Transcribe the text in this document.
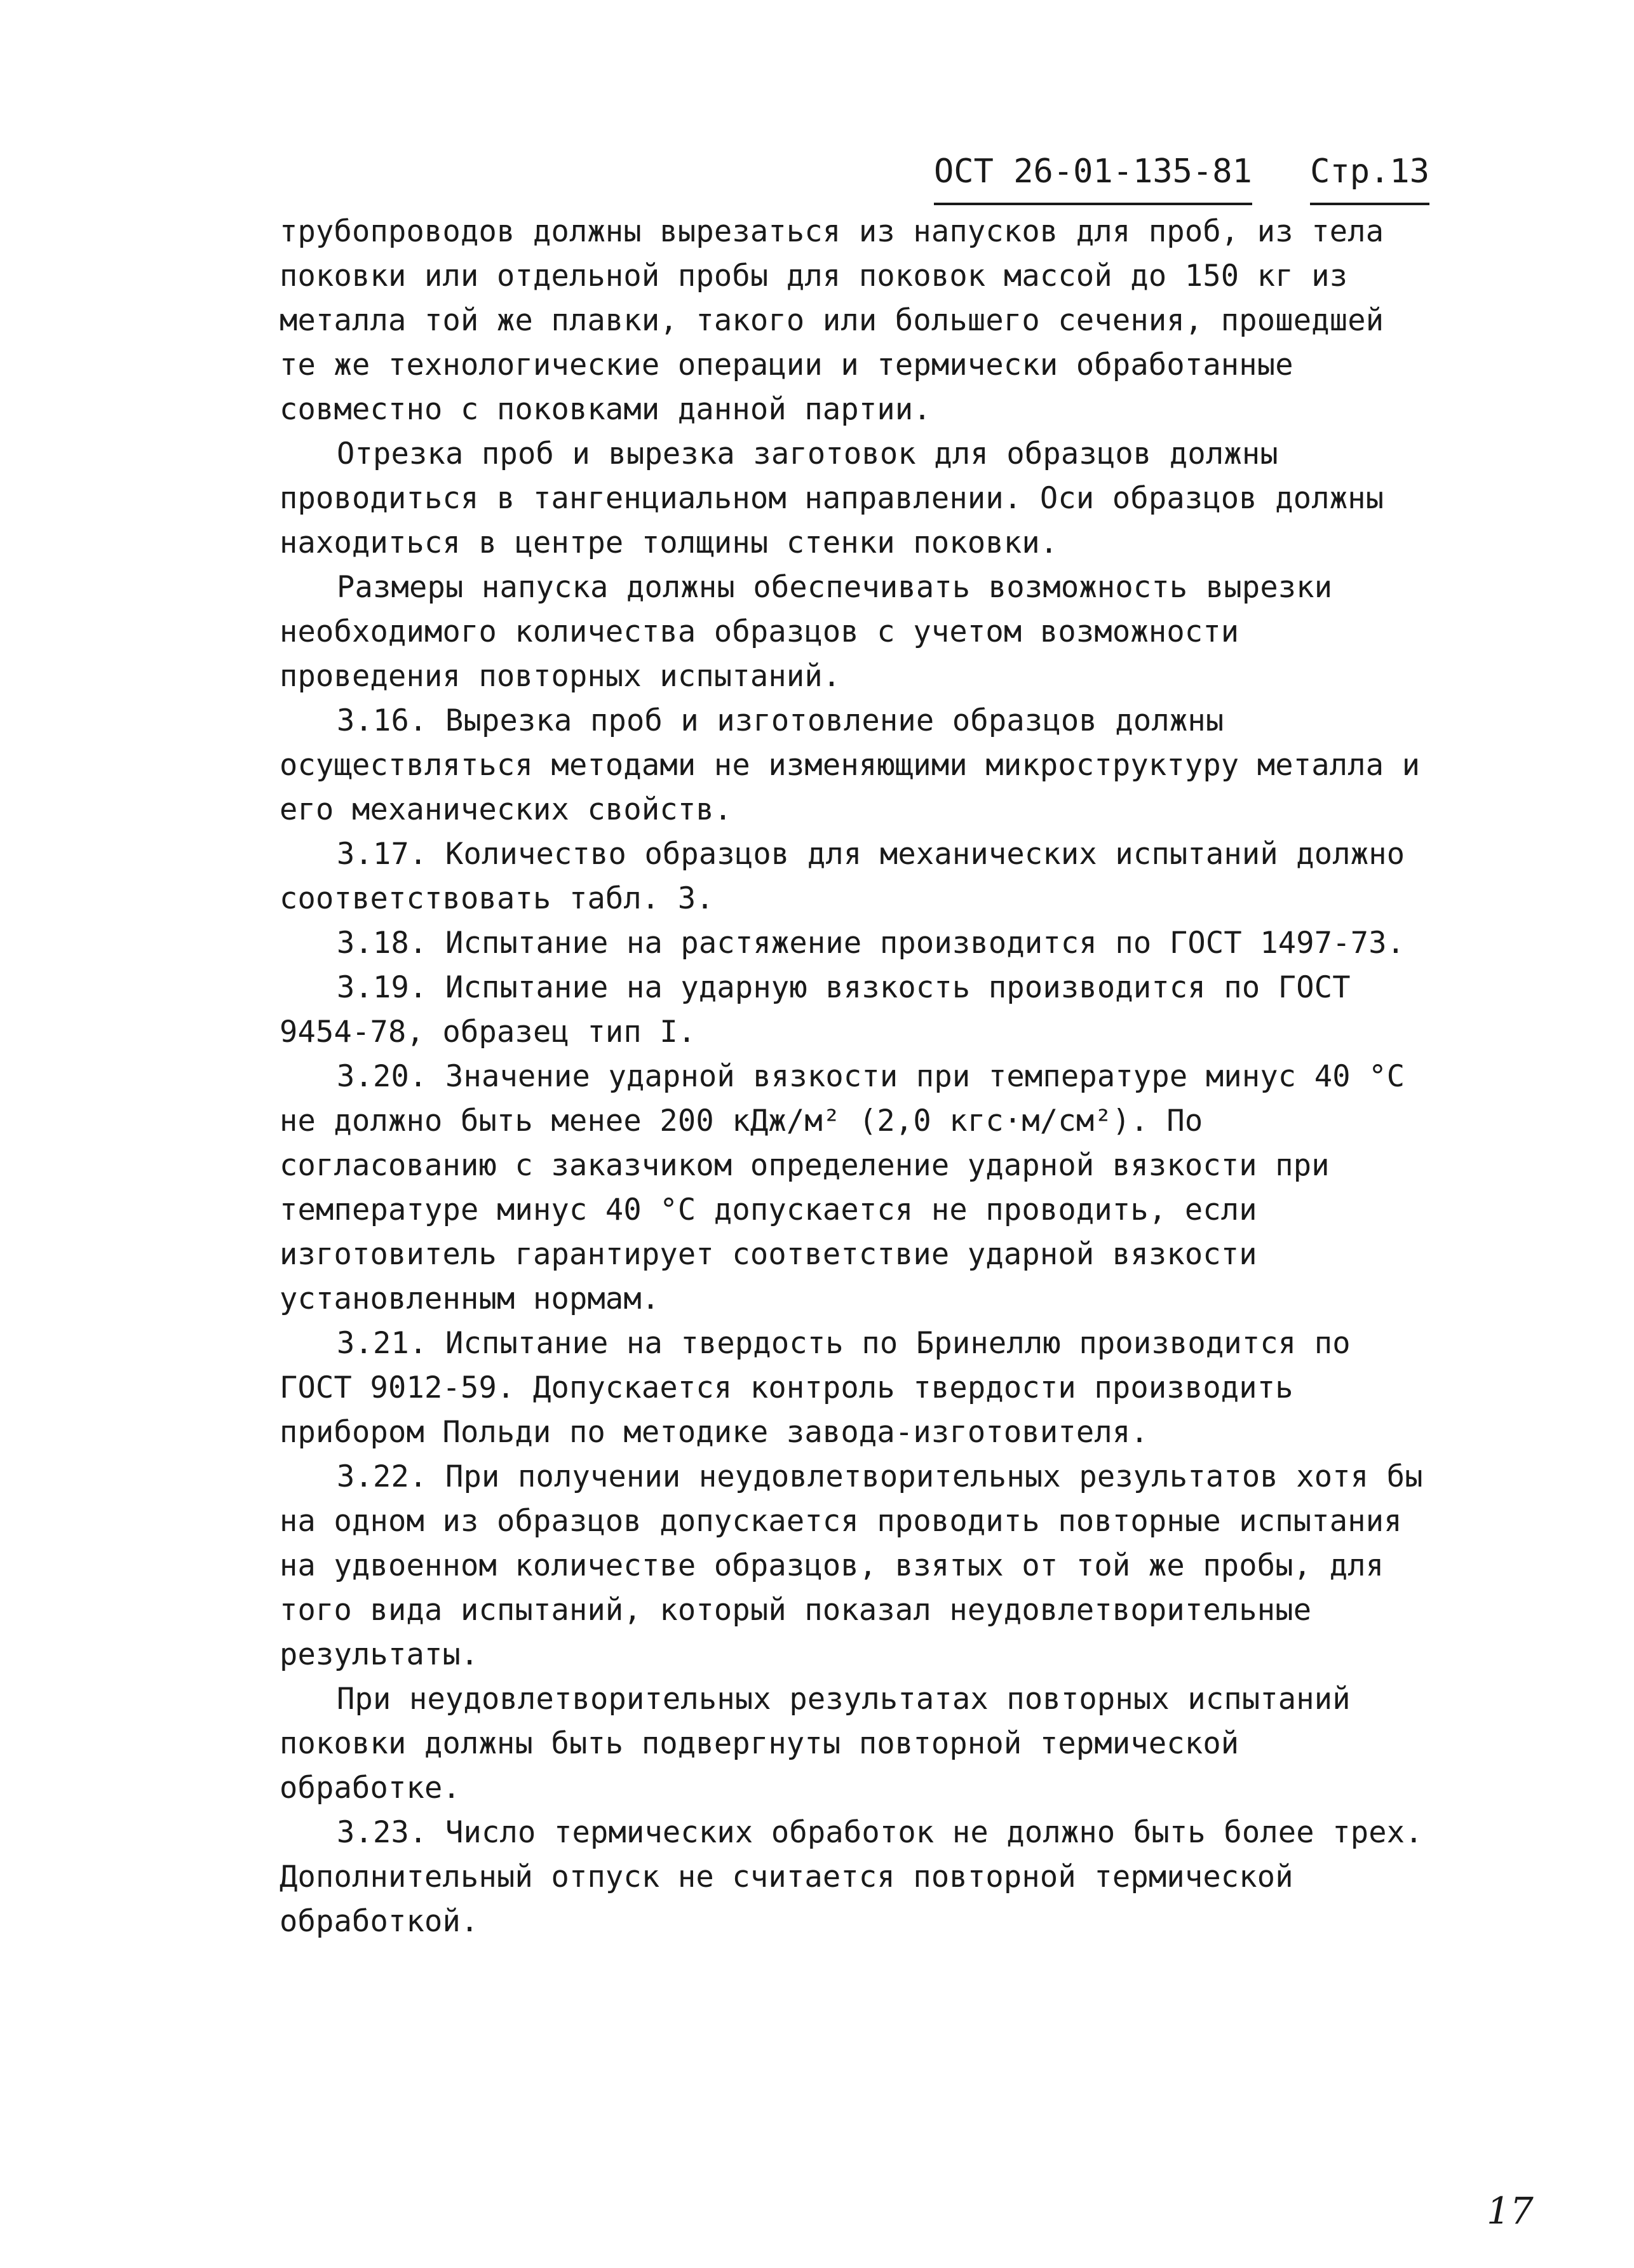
ОСТ 26-01-135-81 Стр.13

трубопроводов должны вырезаться из напусков для проб, из тела поковки или отдельной пробы для поковок массой до 150 кг из металла той же плавки, такого или большего сечения, прошедшей те же технологические операции и термически обработанные совместно с поковками данной партии.

Отрезка проб и вырезка заготовок для образцов должны проводиться в тангенциальном направлении. Оси образцов должны находиться в центре толщины стенки поковки.

Размеры напуска должны обеспечивать возможность вырезки необходимого количества образцов с учетом возможности проведения повторных испытаний.

3.16. Вырезка проб и изготовление образцов должны осуществляться методами не изменяющими микроструктуру металла и его механических свойств.

3.17. Количество образцов для механических испытаний должно соответствовать табл. 3.

3.18. Испытание на растяжение производится по ГОСТ 1497-73.

3.19. Испытание на ударную вязкость производится по ГОСТ 9454-78, образец тип I.

3.20. Значение ударной вязкости при температуре минус 40 °С не должно быть менее 200 кДж/м² (2,0 кгс·м/см²). По согласованию с заказчиком определение ударной вязкости при температуре минус 40 °С допускается не проводить, если изготовитель гарантирует соответствие ударной вязкости установленным нормам.

3.21. Испытание на твердость по Бринеллю производится по ГОСТ 9012-59. Допускается контроль твердости производить прибором Польди по методике завода-изготовителя.

3.22. При получении неудовлетворительных результатов хотя бы на одном из образцов допускается проводить повторные испытания на удвоенном количестве образцов, взятых от той же пробы, для того вида испытаний, который показал неудовлетворительные результаты.

При неудовлетворительных результатах повторных испытаний поковки должны быть подвергнуты повторной термической обработке.

3.23. Число термических обработок не должно быть более трех. Дополнительный отпуск не считается повторной термической обработкой.

17
